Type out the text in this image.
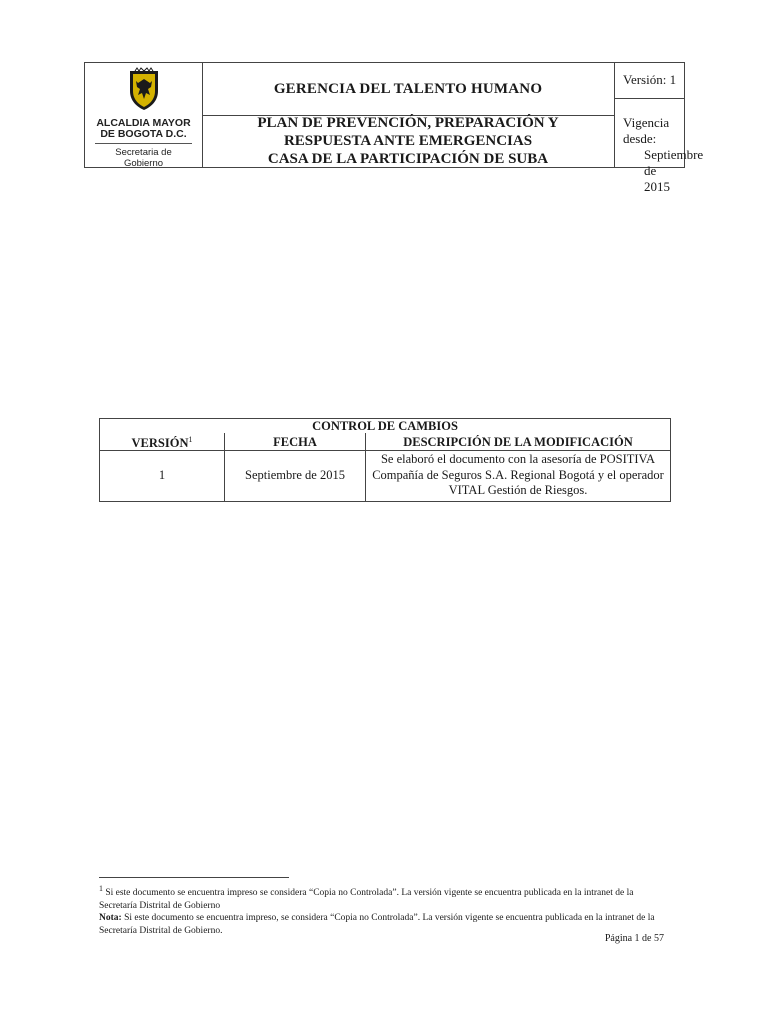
ALCALDIA MAYOR
DE BOGOTA D.C.
Secretaria de Gobierno
GERENCIA DEL TALENTO HUMANO
PLAN DE PREVENCIÓN, PREPARACIÓN Y
RESPUESTA ANTE EMERGENCIAS
CASA DE LA PARTICIPACIÓN DE SUBA
Versión: 1
Vigencia desde:
Septiembre de 2015
CONTROL DE CAMBIOS		
VERSIÓN$^1$	FECHA	DESCRIPCIÓN DE LA MODIFICACIÓN
1	Septiembre de 2015	Se elaboró el documento con la asesoría de POSITIVA
Compañía de Seguros S.A. Regional Bogotá y el operador
VITAL Gestión de Riesgos.

$^1$ Si este documento se encuentra impreso se considera “Copia no Controlada”. La versión vigente se encuentra publicada en la intranet de la Secretaría Distrital de Gobierno

Nota: Si este documento se encuentra impreso, se considera “Copia no Controlada”. La versión vigente se encuentra publicada en la intranet de la Secretaría Distrital de Gobierno.

Página 1 de 57
